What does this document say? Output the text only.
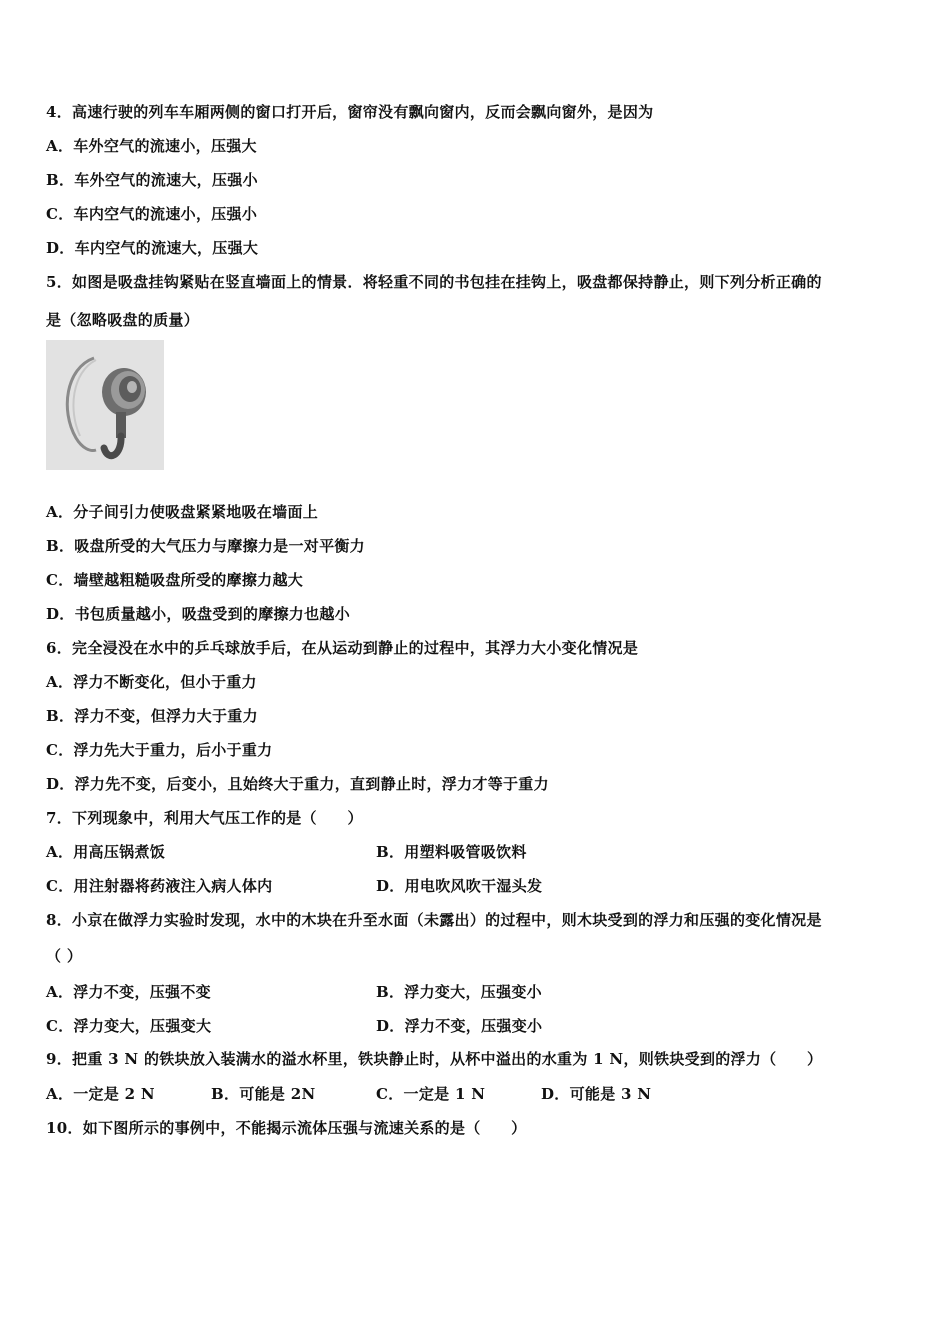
4．高速行驶的列车车厢两侧的窗口打开后，窗帘没有飘向窗内，反而会飘向窗外，是因为
A．车外空气的流速小，压强大
B．车外空气的流速大，压强小
C．车内空气的流速小，压强小
D．车内空气的流速大，压强大
5．如图是吸盘挂钩紧贴在竖直墙面上的情景．将轻重不同的书包挂在挂钩上，吸盘都保持静止，则下列分析正确的
是（忽略吸盘的质量）
A．分子间引力使吸盘紧紧地吸在墙面上
B．吸盘所受的大气压力与摩擦力是一对平衡力
C．墙壁越粗糙吸盘所受的摩擦力越大
D．书包质量越小，吸盘受到的摩擦力也越小
6．完全浸没在水中的乒乓球放手后，在从运动到静止的过程中，其浮力大小变化情况是
A．浮力不断变化，但小于重力
B．浮力不变，但浮力大于重力
C．浮力先大于重力，后小于重力
D．浮力先不变，后变小，且始终大于重力，直到静止时，浮力才等于重力
7．下列现象中，利用大气压工作的是（　　）
A．用高压锅煮饭	B．用塑料吸管吸饮料
C．用注射器将药液注入病人体内	D．用电吹风吹干湿头发
8．小京在做浮力实验时发现，水中的木块在升至水面（未露出）的过程中，则木块受到的浮力和压强的变化情况是
（ ）
A．浮力不变，压强不变	B．浮力变大，压强变小
C．浮力变大，压强变大	D．浮力不变，压强变小
9．把重 3 N 的铁块放入装满水的溢水杯里，铁块静止时，从杯中溢出的水重为 1 N，则铁块受到的浮力（　　）
A．一定是 2 N	B．可能是 2N	C．一定是 1 N	D．可能是 3 N
10．如下图所示的事例中，不能揭示流体压强与流速关系的是（　　）
